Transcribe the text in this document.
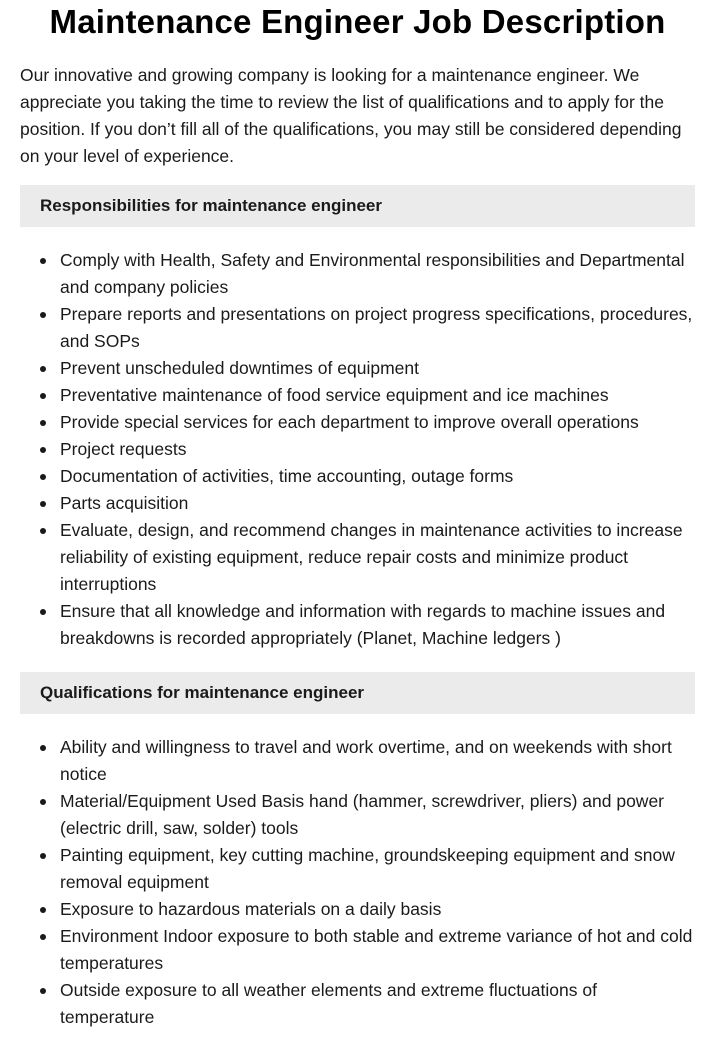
Maintenance Engineer Job Description

Our innovative and growing company is looking for a maintenance engineer. We appreciate you taking the time to review the list of qualifications and to apply for the position. If you don’t fill all of the qualifications, you may still be considered depending on your level of experience.

Responsibilities for maintenance engineer
Comply with Health, Safety and Environmental responsibilities and Departmental and company policies
Prepare reports and presentations on project progress specifications, procedures, and SOPs
Prevent unscheduled downtimes of equipment
Preventative maintenance of food service equipment and ice machines
Provide special services for each department to improve overall operations
Project requests
Documentation of activities, time accounting, outage forms
Parts acquisition
Evaluate, design, and recommend changes in maintenance activities to increase reliability of existing equipment, reduce repair costs and minimize product interruptions
Ensure that all knowledge and information with regards to machine issues and breakdowns is recorded appropriately (Planet, Machine ledgers )
Qualifications for maintenance engineer
Ability and willingness to travel and work overtime, and on weekends with short notice
Material/Equipment Used Basis hand (hammer, screwdriver, pliers) and power (electric drill, saw, solder) tools
Painting equipment, key cutting machine, groundskeeping equipment and snow removal equipment
Exposure to hazardous materials on a daily basis
Environment Indoor exposure to both stable and extreme variance of hot and cold temperatures
Outside exposure to all weather elements and extreme fluctuations of temperature
